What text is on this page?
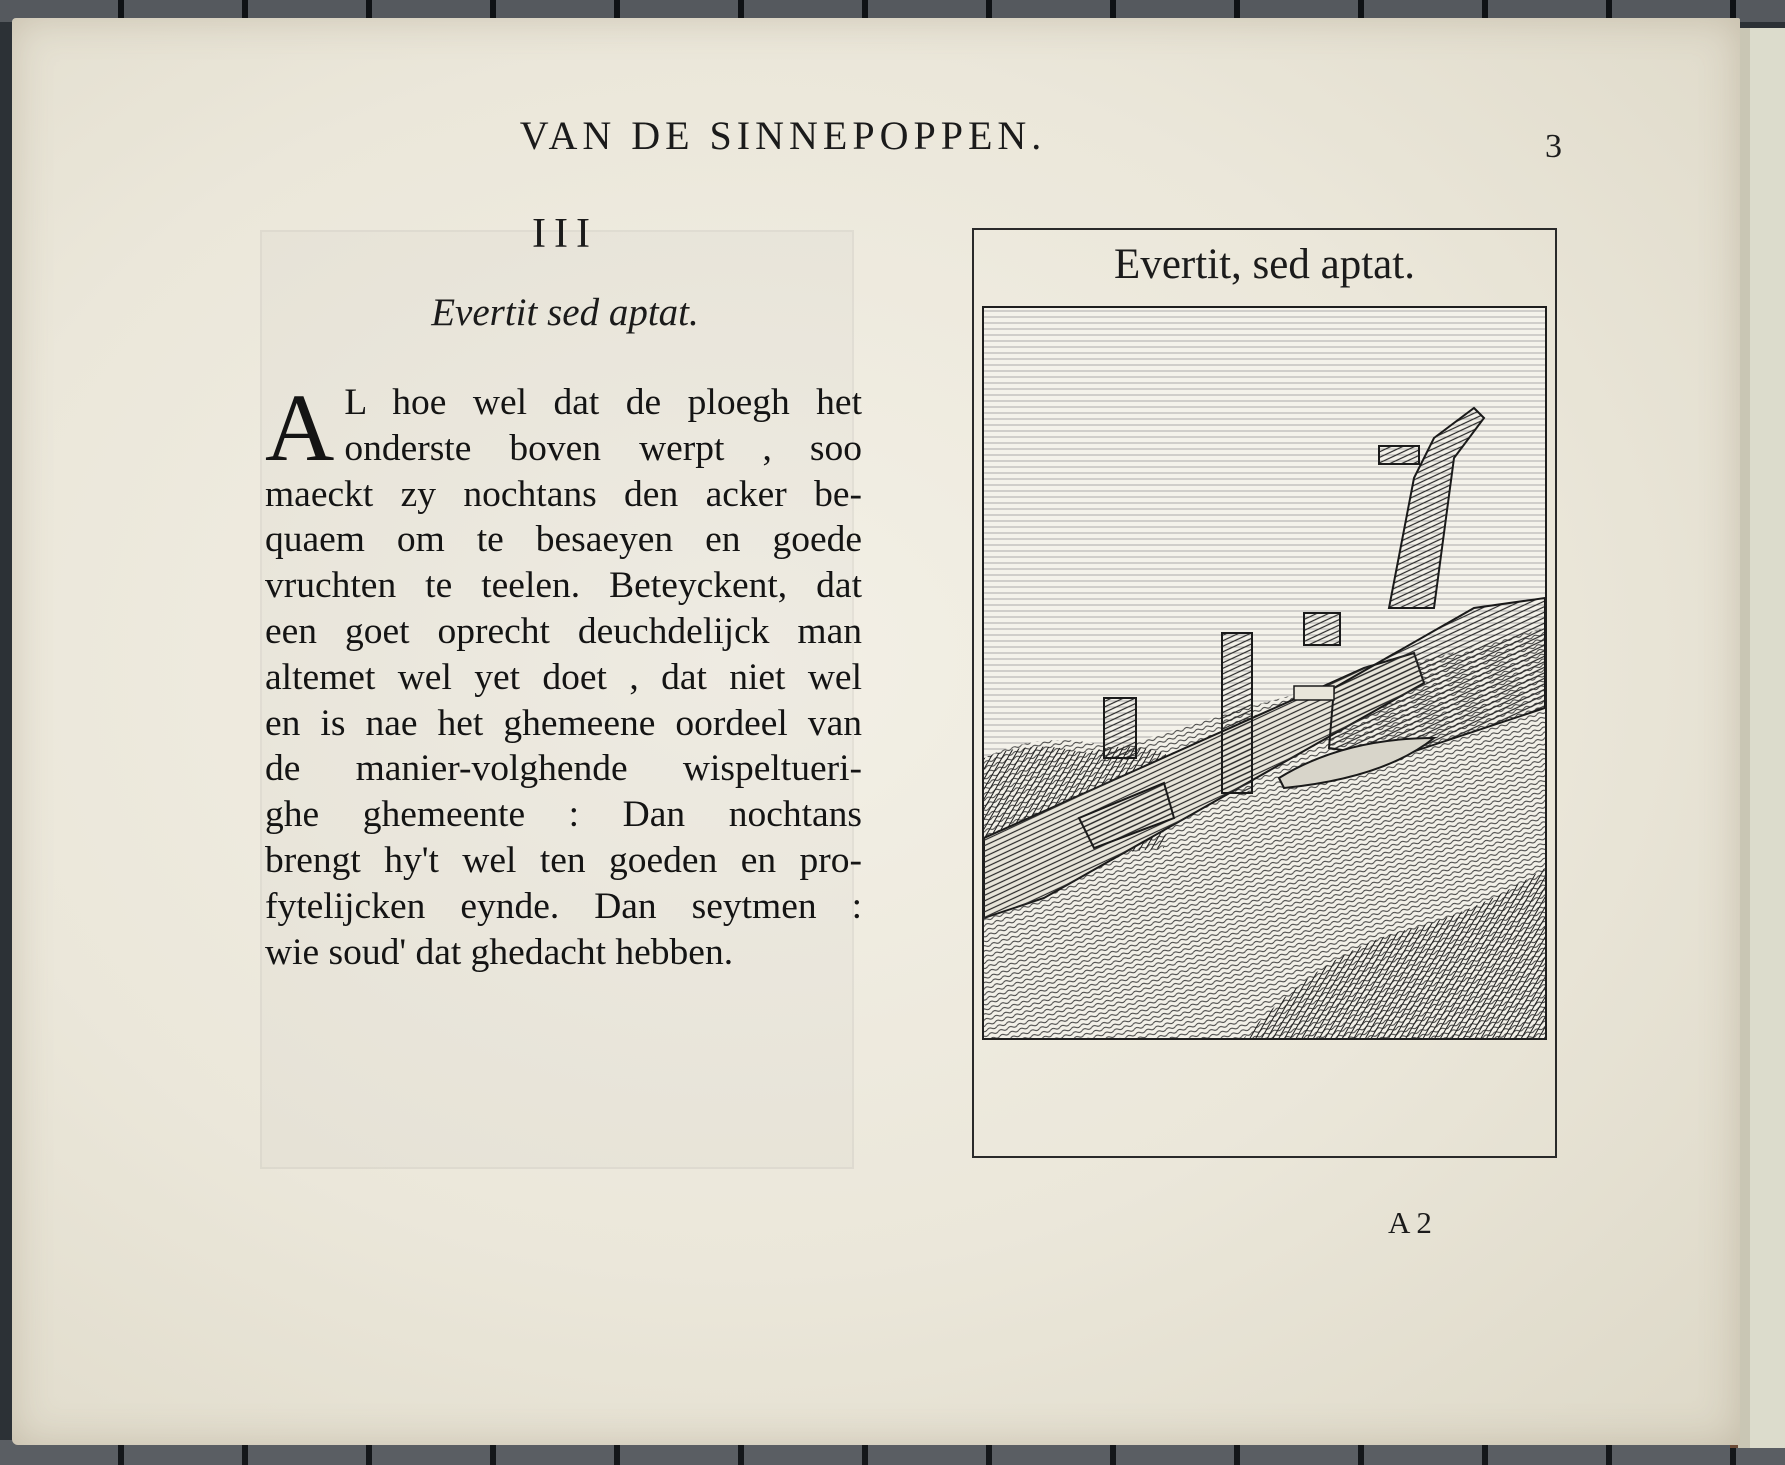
VAN DE SINNEPOPPEN.	3
III
Evertit sed aptat.
A L hoe wel dat de ploegh het
onderste boven werpt , soo
maeckt zy nochtans den acker be-
quaem om te besaeyen en goede
vruchten te teelen. Beteyckent, dat
een goet oprecht deuchdelijck man
altemet wel yet doet , dat niet wel
en is nae het ghemeene oordeel van
de manier-volghende wispeltueri-
ghe ghemeente : Dan nochtans
brengt hy't wel ten goeden en pro-
fytelijcken eynde. Dan seytmen :
wie soud' dat ghedacht hebben.
Evertit, sed aptat.
A 2
